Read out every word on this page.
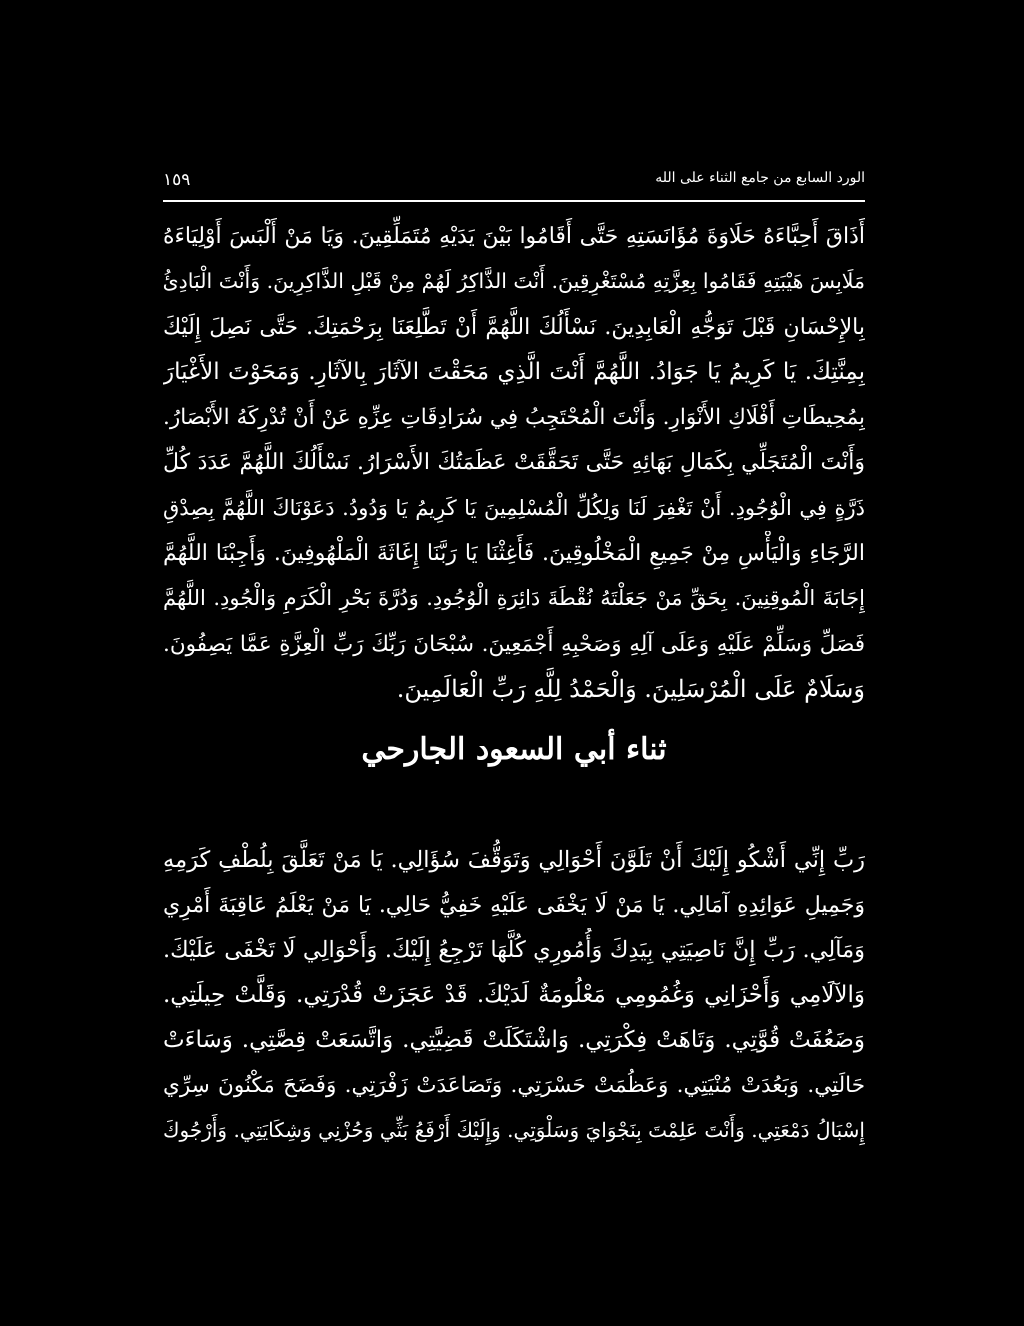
١٥٩	الورد السابع من جامع الثناء على الله
أَذَاقَ أَحِبَّاءَهُ حَلَاوَةَ مُؤَانَسَتِهِ حَتَّى أَقَامُوا بَيْنَ يَدَيْهِ مُتَمَلِّقِينَ. وَيَا مَنْ أَلْبَسَ أَوْلِيَاءَهُ
مَلَابِسَ هَيْبَتِهِ فَقَامُوا بِعِزَّتِهِ مُسْتَغْرِقِينَ. أَنْتَ الذَّاكِرُ لَهُمْ مِنْ قَبْلِ الذَّاكِرِينَ. وَأَنْتَ الْبَادِئُ
بِالإِحْسَانِ قَبْلَ تَوَجُّهِ الْعَابِدِينَ. نَسْأَلُكَ اللَّهُمَّ أَنْ تَطَّلِعَنَا بِرَحْمَتِكَ. حَتَّى نَصِلَ إِلَيْكَ
بِمِنَّتِكَ. يَا كَرِيمُ يَا جَوَادُ. اللَّهُمَّ أَنْتَ الَّذِي مَحَقْتَ الآثَارَ بِالآثَارِ. وَمَحَوْتَ الأَغْيَارَ
بِمُحِيطَاتِ أَفْلَاكِ الأَنْوَارِ. وَأَنْتَ الْمُحْتَجِبُ فِي سُرَادِقَاتِ عِزِّهِ عَنْ أَنْ تُدْرِكَهُ الأَبْصَارُ.
وَأَنْتَ الْمُتَجَلِّي بِكَمَالِ بَهَائِهِ حَتَّى تَحَقَّقَتْ عَظَمَتُكَ الأَسْرَارُ. نَسْأَلُكَ اللَّهُمَّ عَدَدَ كُلِّ
ذَرَّةٍ فِي الْوُجُودِ. أَنْ تَغْفِرَ لَنَا وَلِكُلِّ الْمُسْلِمِينَ يَا كَرِيمُ يَا وَدُودُ. دَعَوْنَاكَ اللَّهُمَّ بِصِدْقِ
الرَّجَاءِ وَالْيَأْسِ مِنْ جَمِيعِ الْمَخْلُوقِينَ. فَأَغِثْنَا يَا رَبَّنَا إِغَاثَةَ الْمَلْهُوفِينَ. وَأَجِبْنَا اللَّهُمَّ
إِجَابَةَ الْمُوقِنِينَ. بِحَقِّ مَنْ جَعَلْتَهُ نُقْطَةَ دَائِرَةِ الْوُجُودِ. وَدُرَّةَ بَحْرِ الْكَرَمِ وَالْجُودِ. اللَّهُمَّ
فَصَلِّ وَسَلِّمْ عَلَيْهِ وَعَلَى آلِهِ وَصَحْبِهِ أَجْمَعِينَ. سُبْحَانَ رَبِّكَ رَبِّ الْعِزَّةِ عَمَّا يَصِفُونَ.
وَسَلَامٌ عَلَى الْمُرْسَلِينَ. وَالْحَمْدُ لِلَّهِ رَبِّ الْعَالَمِينَ.
ثناء أبي السعود الجارحي
رَبِّ إِنِّي أَشْكُو إِلَيْكَ أَنْ تَلَوَّنَ أَحْوَالِي وَتَوَقُّفَ سُؤَالِي. يَا مَنْ تَعَلَّقَ بِلُطْفِ كَرَمِهِ
وَجَمِيلِ عَوَائِدِهِ آمَالِي. يَا مَنْ لَا يَخْفَى عَلَيْهِ خَفِيُّ حَالِي. يَا مَنْ يَعْلَمُ عَاقِبَةَ أَمْرِي
وَمَآلِي. رَبِّ إِنَّ نَاصِيَتِي بِيَدِكَ وَأُمُورِي كُلَّهَا تَرْجِعُ إِلَيْكَ. وَأَحْوَالِي لَا تَخْفَى عَلَيْكَ.
وَالآلَامِي وَأَحْزَانِي وَغُمُومِي مَعْلُومَةٌ لَدَيْكَ. قَدْ عَجَزَتْ قُدْرَتِي. وَقَلَّتْ حِيلَتِي.
وَضَعُفَتْ قُوَّتِي. وَتَاهَتْ فِكْرَتِي. وَاشْتَكَلَتْ قَضِيَّتِي. وَاتَّسَعَتْ قِصَّتِي. وَسَاءَتْ
حَالَتِي. وَبَعُدَتْ مُنْيَتِي. وَعَظُمَتْ حَسْرَتِي. وَتَصَاعَدَتْ زَفْرَتِي. وَفَضَحَ مَكْنُونَ سِرِّي
إِسْبَالُ دَمْعَتِي. وَأَنْتَ عَلِمْتَ بِنَجْوَايَ وَسَلْوَتِي. وَإِلَيْكَ أَرْفَعُ بَثِّي وَحُزْنِي وَشِكَايَتِي. وَأَرْجُوكَ
